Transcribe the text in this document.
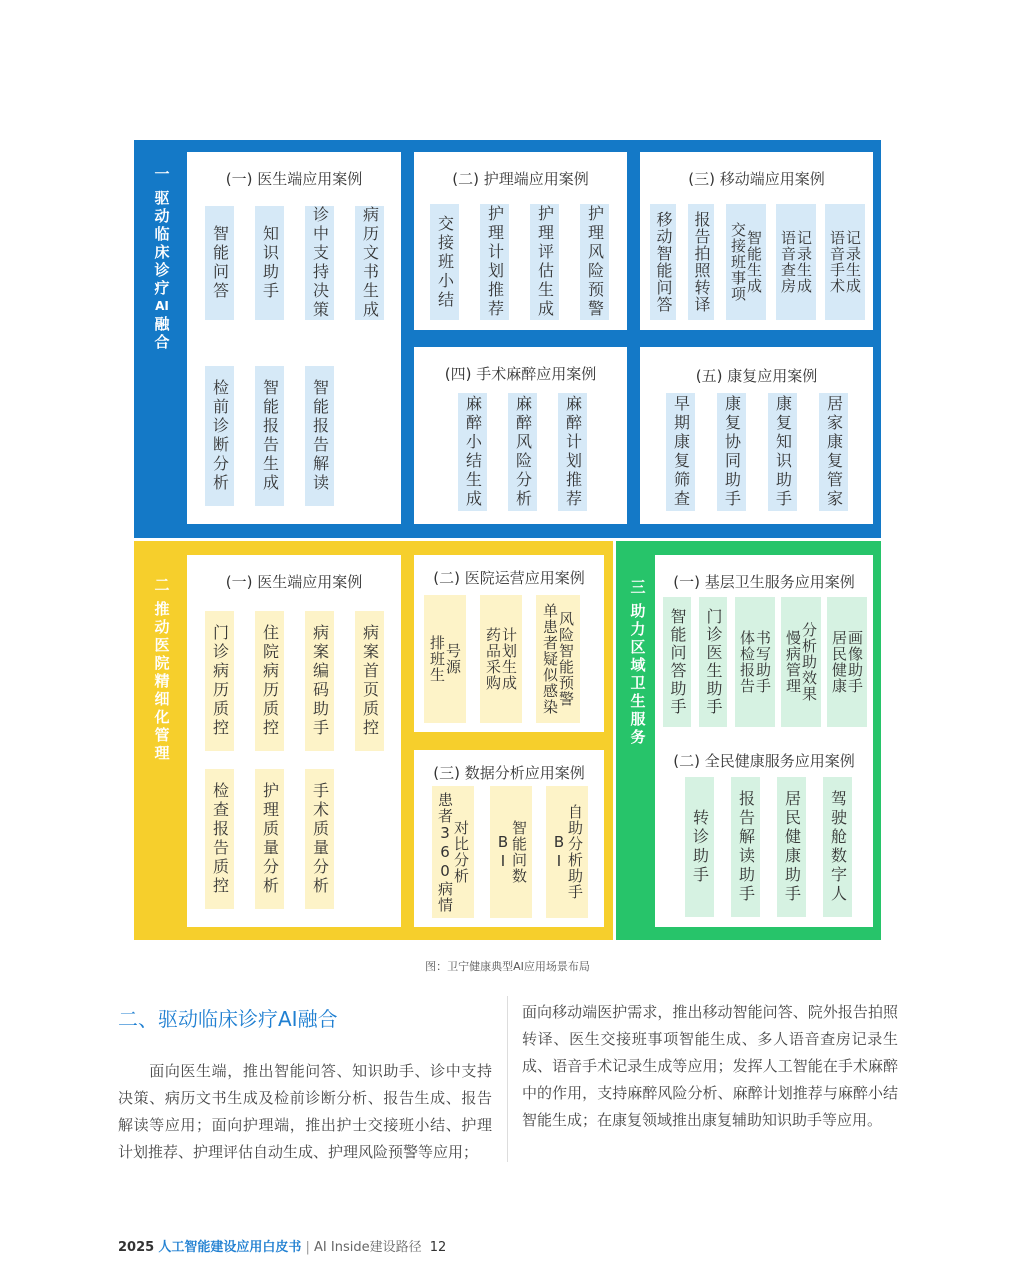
一
驱
动
临
床
诊
疗
AI
融
合
(一) 医生端应用案例
智能问答	知识助手	诊中支持决策	病历文书生成
检前诊断分析	智能报告生成	智能报告解读
(二) 护理端应用案例
交接班小结	护理计划推荐	护理评估生成	护理风险预警
(三) 移动端应用案例
移动智能问答 报告拍照转译 交接班事项
智能生成 语音查房
记录生成 语音手术
记录生成
(四) 手术麻醉应用案例
麻醉小结生成	麻醉风险分析	麻醉计划推荐
(五) 康复应用案例
早期康复筛查	康复协同助手	康复知识助手	居家康复管家
二
推
动
医
院
精
细
化
管
理
(一) 医生端应用案例
门诊病历质控	住院病历质控	病案编码助手	病案首页质控
检查报告质控	护理质量分析	手术质量分析
(二) 医院运营应用案例
排班生
号源 药品采购
计划生成 单患者疑似感染
风险智能预警
(三) 数据分析应用案例
患者360病情
对比分析 BI
智能问数 BI
自助分析助手
三
助
力
区
域
卫
生
服
务
(一) 基层卫生服务应用案例
智能问答助手	门诊医生助手 体检报告
书写助手 慢病管理
分析助效果 居民健康
画像助手
(二) 全民健康服务应用案例
转诊助手	报告解读助手	居民健康助手	驾驶舱数字人
图：卫宁健康典型AI应用场景布局
二、驱动临床诊疗AI融合
　　面向医生端，推出智能问答、知识助手、诊中支持决策、病历文书生成及检前诊断分析、报告生成、报告解读等应用；面向护理端，推出护士交接班小结、护理计划推荐、护理评估自动生成、护理风险预警等应用；
面向移动端医护需求，推出移动智能问答、院外报告拍照转译、医生交接班事项智能生成、多人语音查房记录生成、语音手术记录生成等应用；发挥人工智能在手术麻醉中的作用，支持麻醉风险分析、麻醉计划推荐与麻醉小结智能生成；在康复领域推出康复辅助知识助手等应用。
2025 人工智能建设应用白皮书 | AI Inside建设路径 12
